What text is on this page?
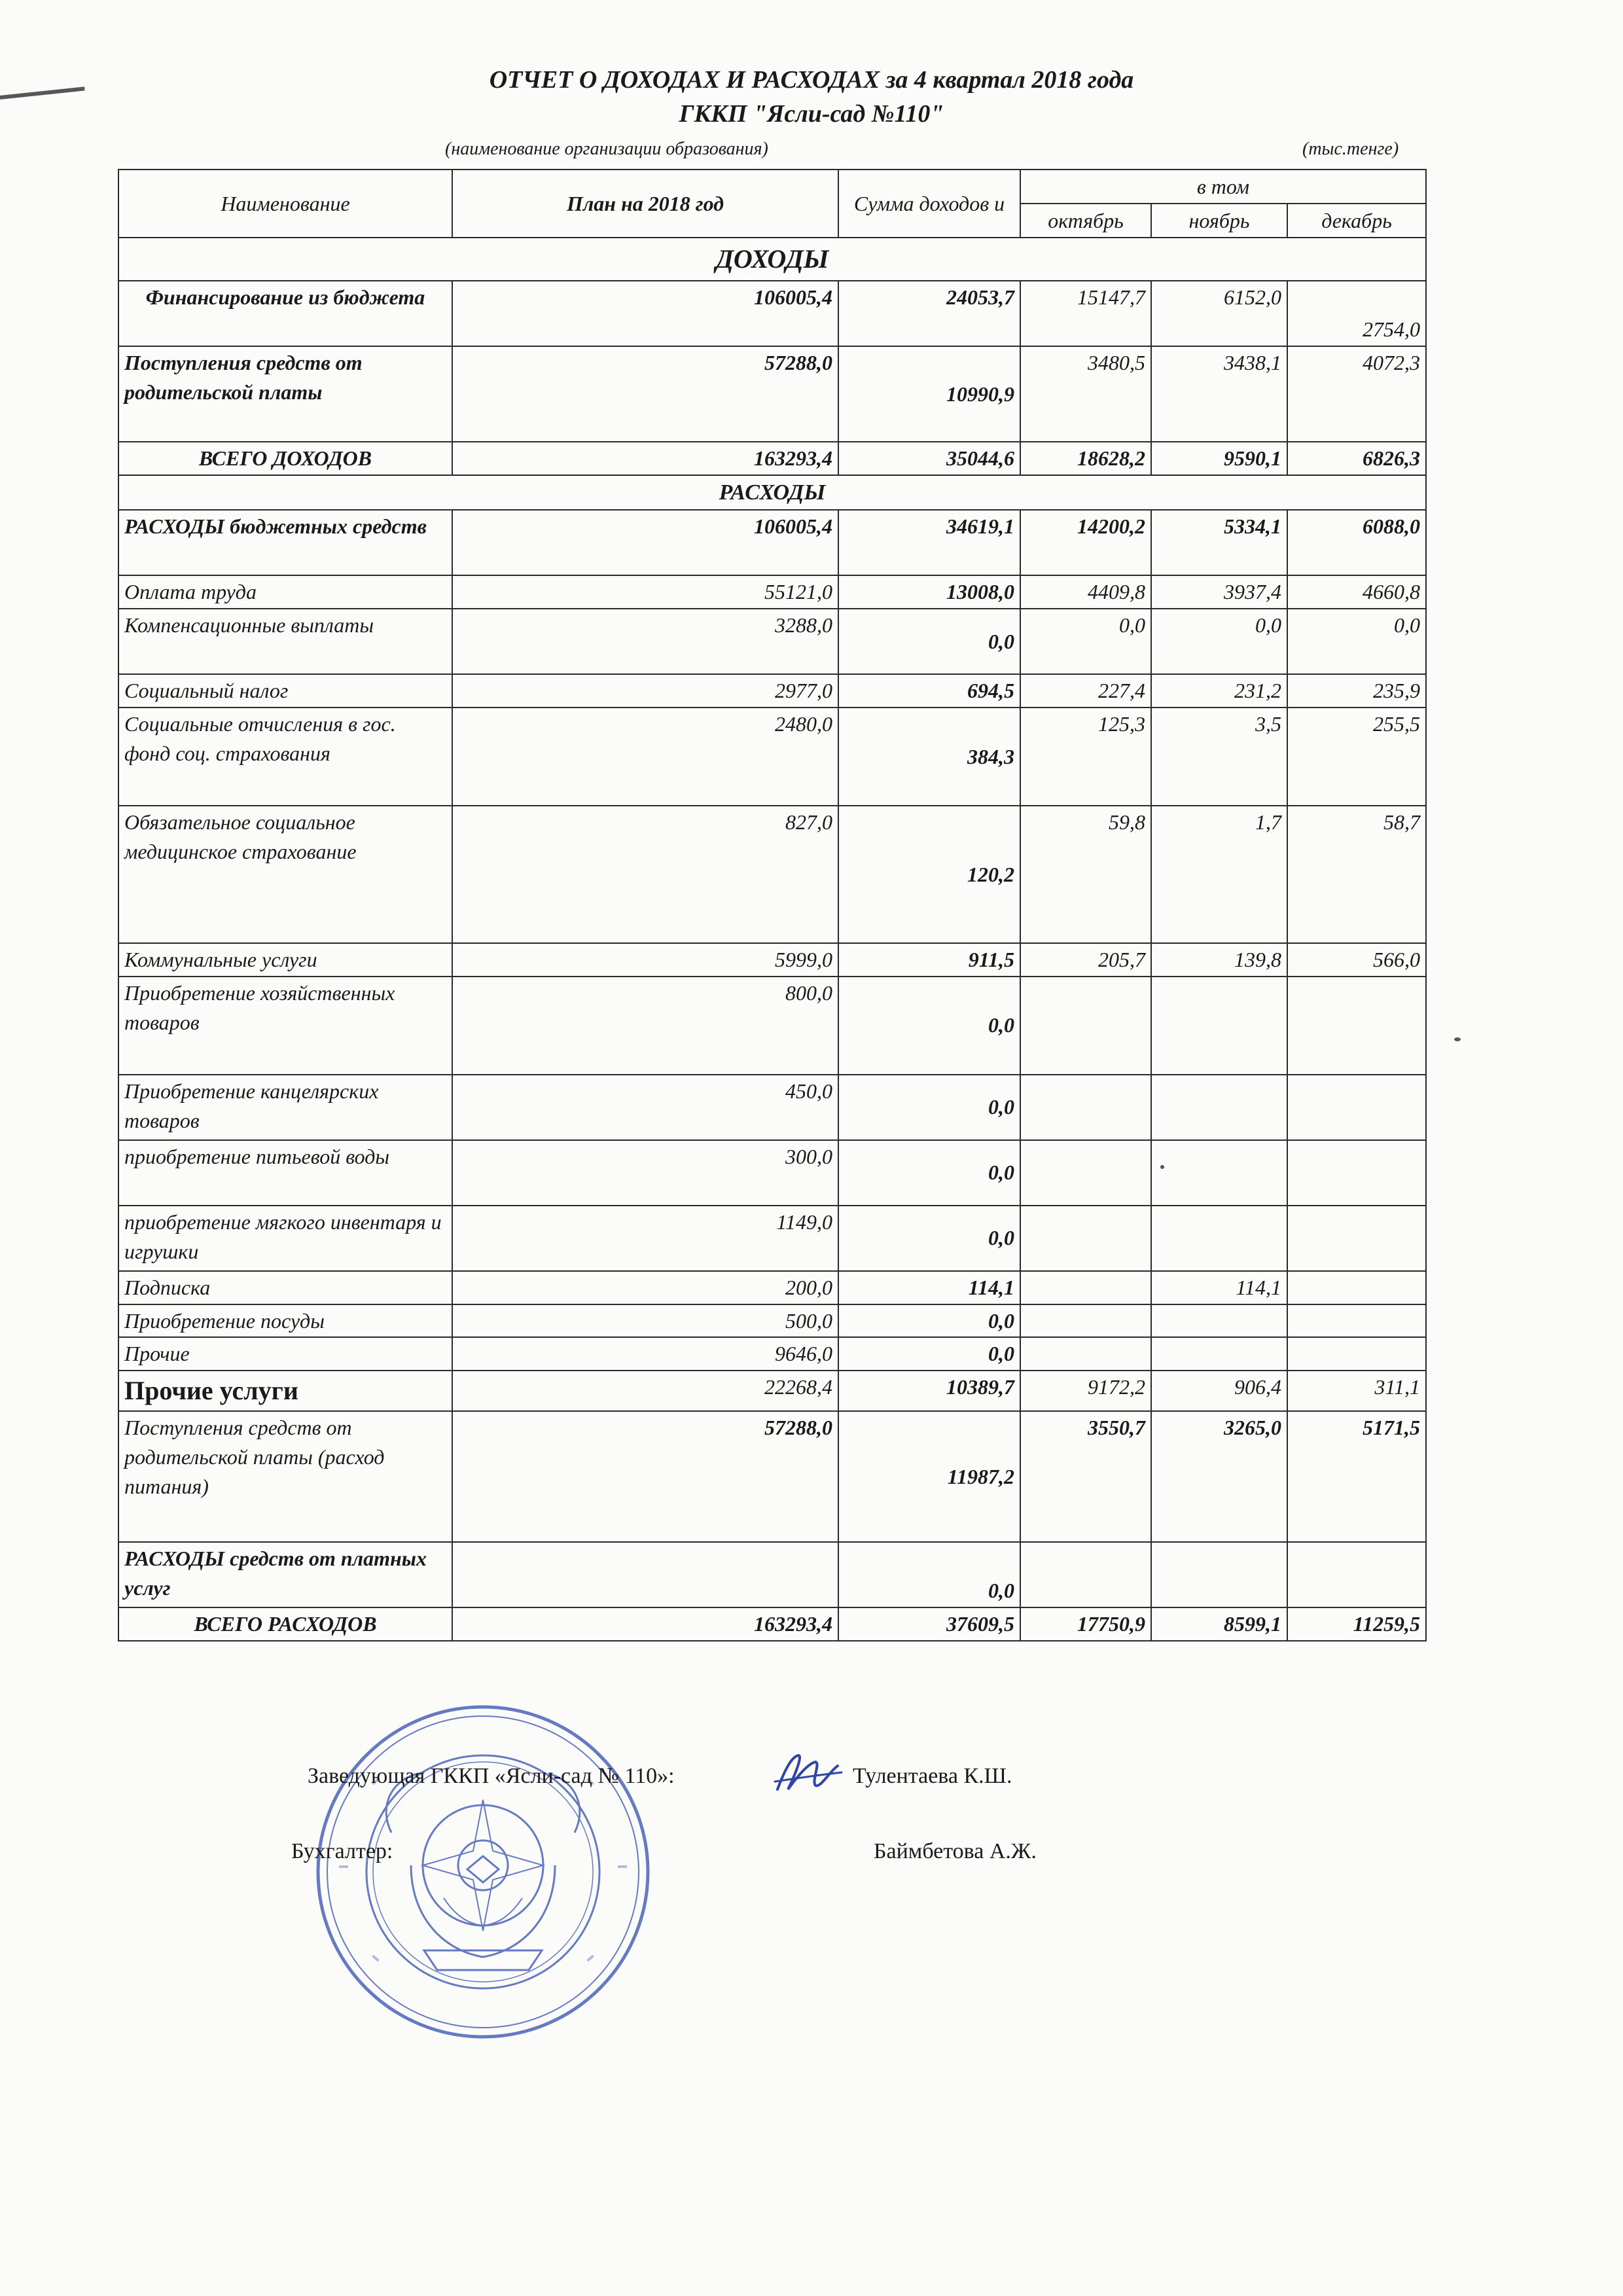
ОТЧЕТ О ДОХОДАХ И РАСХОДАХ за 4 квартал 2018 года
ГККП "Ясли-сад №110"
(наименование организации образования)	(тыс.тенге)
Наименование	План на 2018 год	Сумма доходов и	в том		
			октябрь	ноябрь	декабрь
ДОХОДЫ					
Финансирование из бюджета	106005,4	24053,7	15147,7	6152,0	2754,0
Поступления средств от родительской платы	57288,0	10990,9	3480,5	3438,1	4072,3
ВСЕГО ДОХОДОВ	163293,4	35044,6	18628,2	9590,1	6826,3
РАСХОДЫ					
РАСХОДЫ бюджетных средств	106005,4	34619,1	14200,2	5334,1	6088,0
Оплата труда	55121,0	13008,0	4409,8	3937,4	4660,8
Компенсационные выплаты	3288,0	0,0	0,0	0,0	0,0
Социальный налог	2977,0	694,5	227,4	231,2	235,9
Социальные отчисления в гос. фонд соц. страхования	2480,0	384,3	125,3	3,5	255,5
Обязательное социальное медицинское страхование	827,0	120,2	59,8	1,7	58,7
Коммунальные услуги	5999,0	911,5	205,7	139,8	566,0
Приобретение хозяйственных товаров	800,0	0,0			
Приобретение канцелярских товаров	450,0	0,0			
приобретение питьевой воды	300,0	0,0			
приобретение мягкого инвентаря и игрушки	1149,0	0,0			
Подписка	200,0	114,1		114,1	
Приобретение посуды	500,0	0,0			
Прочие	9646,0	0,0			
Прочие услуги	22268,4	10389,7	9172,2	906,4	311,1
Поступления средств от родительской платы (расход питания)	57288,0	11987,2	3550,7	3265,0	5171,5
РАСХОДЫ средств от платных услуг		0,0			
ВСЕГО РАСХОДОВ	163293,4	37609,5	17750,9	8599,1	11259,5
Заведующая ГККП «Ясли-сад № 110»:	Тулентаева К.Ш.
Бухгалтер:	Баймбетова А.Ж.
